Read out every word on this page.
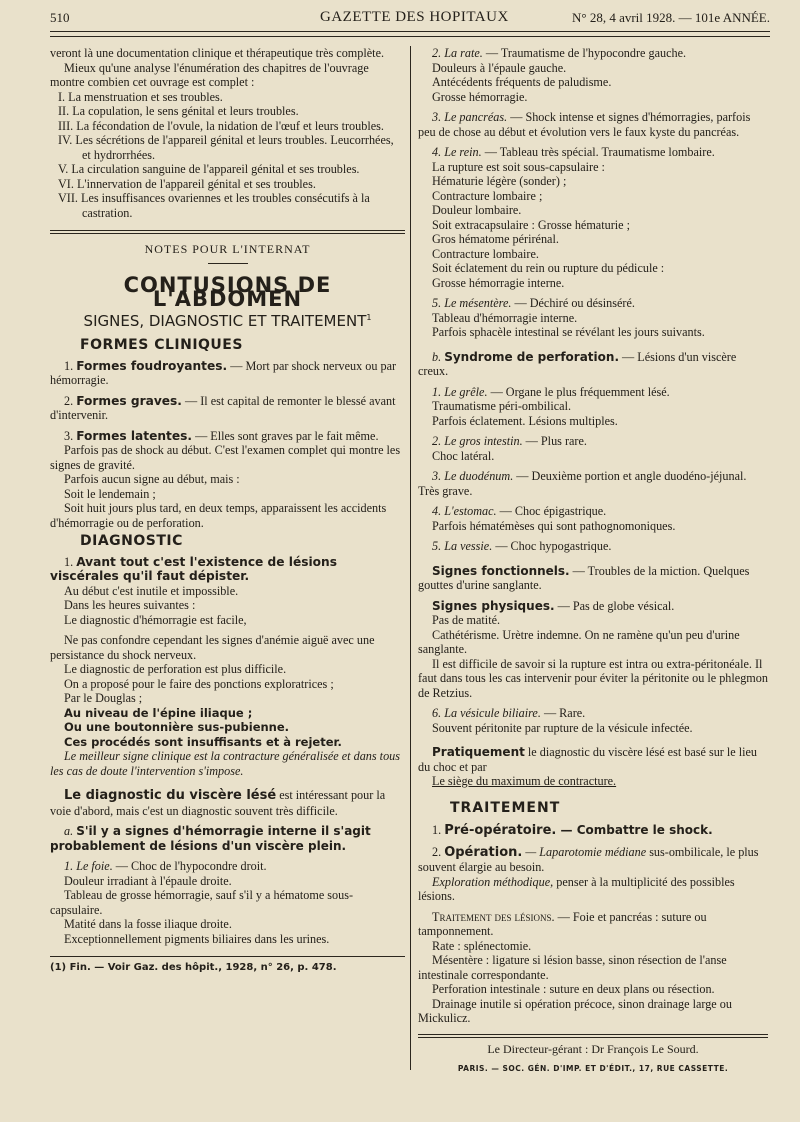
510	GAZETTE DES HOPITAUX	N° 28, 4 avril 1928. — 101e ANNÉE.

veront là une documentation clinique et thérapeutique très complète.

Mieux qu'une analyse l'énumération des chapitres de l'ouvrage montre combien cet ouvrage est complet :

I. La menstruation et ses troubles.

II. La copulation, le sens génital et leurs troubles.

III. La fécondation de l'ovule, la nidation de l'œuf et leurs troubles.

IV. Les sécrétions de l'appareil génital et leurs troubles. Leucorrhées, et hydrorrhées.

V. La circulation sanguine de l'appareil génital et ses troubles.

VI. L'innervation de l'appareil génital et ses troubles.

VII. Les insuffisances ovariennes et les troubles consécutifs à la castration.

NOTES POUR L'INTERNAT

CONTUSIONS DE L'ABDOMEN

SIGNES, DIAGNOSTIC ET TRAITEMENT$^1$

FORMES CLINIQUES

1. Formes foudroyantes. — Mort par shock nerveux ou par hémorragie.

2. Formes graves. — Il est capital de remonter le blessé avant d'intervenir.

3. Formes latentes. — Elles sont graves par le fait même.

Parfois pas de shock au début. C'est l'examen complet qui montre les signes de gravité.

Parfois aucun signe au début, mais :

Soit le lendemain ;

Soit huit jours plus tard, en deux temps, apparaissent les accidents d'hémorragie ou de perforation.

DIAGNOSTIC

1. Avant tout c'est l'existence de lésions viscérales qu'il faut dépister.

Au début c'est inutile et impossible.

Dans les heures suivantes :

Le diagnostic d'hémorragie est facile,

Ne pas confondre cependant les signes d'anémie aiguë avec une persistance du shock nerveux.

Le diagnostic de perforation est plus difficile.

On a proposé pour le faire des ponctions exploratrices ;

Par le Douglas ;

Au niveau de l'épine iliaque ;

Ou une boutonnière sus-pubienne.

Ces procédés sont insuffisants et à rejeter.

Le meilleur signe clinique est la contracture généralisée et dans tous les cas de doute l'intervention s'impose.

Le diagnostic du viscère lésé est intéressant pour la voie d'abord, mais c'est un diagnostic souvent très difficile.

a. S'il y a signes d'hémorragie interne il s'agit probablement de lésions d'un viscère plein.

1. Le foie. — Choc de l'hypocondre droit.

Douleur irradiant à l'épaule droite.

Tableau de grosse hémorragie, sauf s'il y a hématome sous-capsulaire.

Matité dans la fosse iliaque droite.

Exceptionnellement pigments biliaires dans les urines.

(1) Fin. — Voir Gaz. des hôpit., 1928, n° 26, p. 478.

2. La rate. — Traumatisme de l'hypocondre gauche.

Douleurs à l'épaule gauche.

Antécédents fréquents de paludisme.

Grosse hémorragie.

3. Le pancréas. — Shock intense et signes d'hémorragies, parfois peu de chose au début et évolution vers le faux kyste du pancréas.

4. Le rein. — Tableau très spécial. Traumatisme lombaire.

La rupture est soit sous-capsulaire :

Hématurie légère (sonder) ;

Contracture lombaire ;

Douleur lombaire.

Soit extracapsulaire : Grosse hématurie ;

Gros hématome périrénal.

Contracture lombaire.

Soit éclatement du rein ou rupture du pédicule :

Grosse hémorragie interne.

5. Le mésentère. — Déchiré ou désinséré.

Tableau d'hémorragie interne.

Parfois sphacèle intestinal se révélant les jours suivants.

b. Syndrome de perforation. — Lésions d'un viscère creux.

1. Le grêle. — Organe le plus fréquemment lésé.

Traumatisme péri-ombilical.

Parfois éclatement. Lésions multiples.

2. Le gros intestin. — Plus rare.

Choc latéral.

3. Le duodénum. — Deuxième portion et angle duodéno-jéjunal. Très grave.

4. L'estomac. — Choc épigastrique.

Parfois hématémèses qui sont pathognomoniques.

5. La vessie. — Choc hypogastrique.

Signes fonctionnels. — Troubles de la miction. Quelques gouttes d'urine sanglante.

Signes physiques. — Pas de globe vésical.

Pas de matité.

Cathétérisme. Urètre indemne. On ne ramène qu'un peu d'urine sanglante.

Il est difficile de savoir si la rupture est intra ou extra-péritonéale. Il faut dans tous les cas intervenir pour éviter la péritonite ou le phlegmon de Retzius.

6. La vésicule biliaire. — Rare.

Souvent péritonite par rupture de la vésicule infectée.

Pratiquement le diagnostic du viscère lésé est basé sur le lieu du choc et par

Le siège du maximum de contracture.

TRAITEMENT

1. Pré-opératoire. — Combattre le shock.

2. Opération. — Laparotomie médiane sus-ombilicale, le plus souvent élargie au besoin.

Exploration méthodique, penser à la multiplicité des possibles lésions.

Traitement des lésions. — Foie et pancréas : suture ou tamponnement.

Rate : splénectomie.

Mésentère : ligature si lésion basse, sinon résection de l'anse intestinale correspondante.

Perforation intestinale : suture en deux plans ou résection.

Drainage inutile si opération précoce, sinon drainage large ou Mickulicz.

Le Directeur-gérant : Dr François Le Sourd.

PARIS. — SOC. GÉN. D'IMP. ET D'ÉDIT., 17, RUE CASSETTE.
